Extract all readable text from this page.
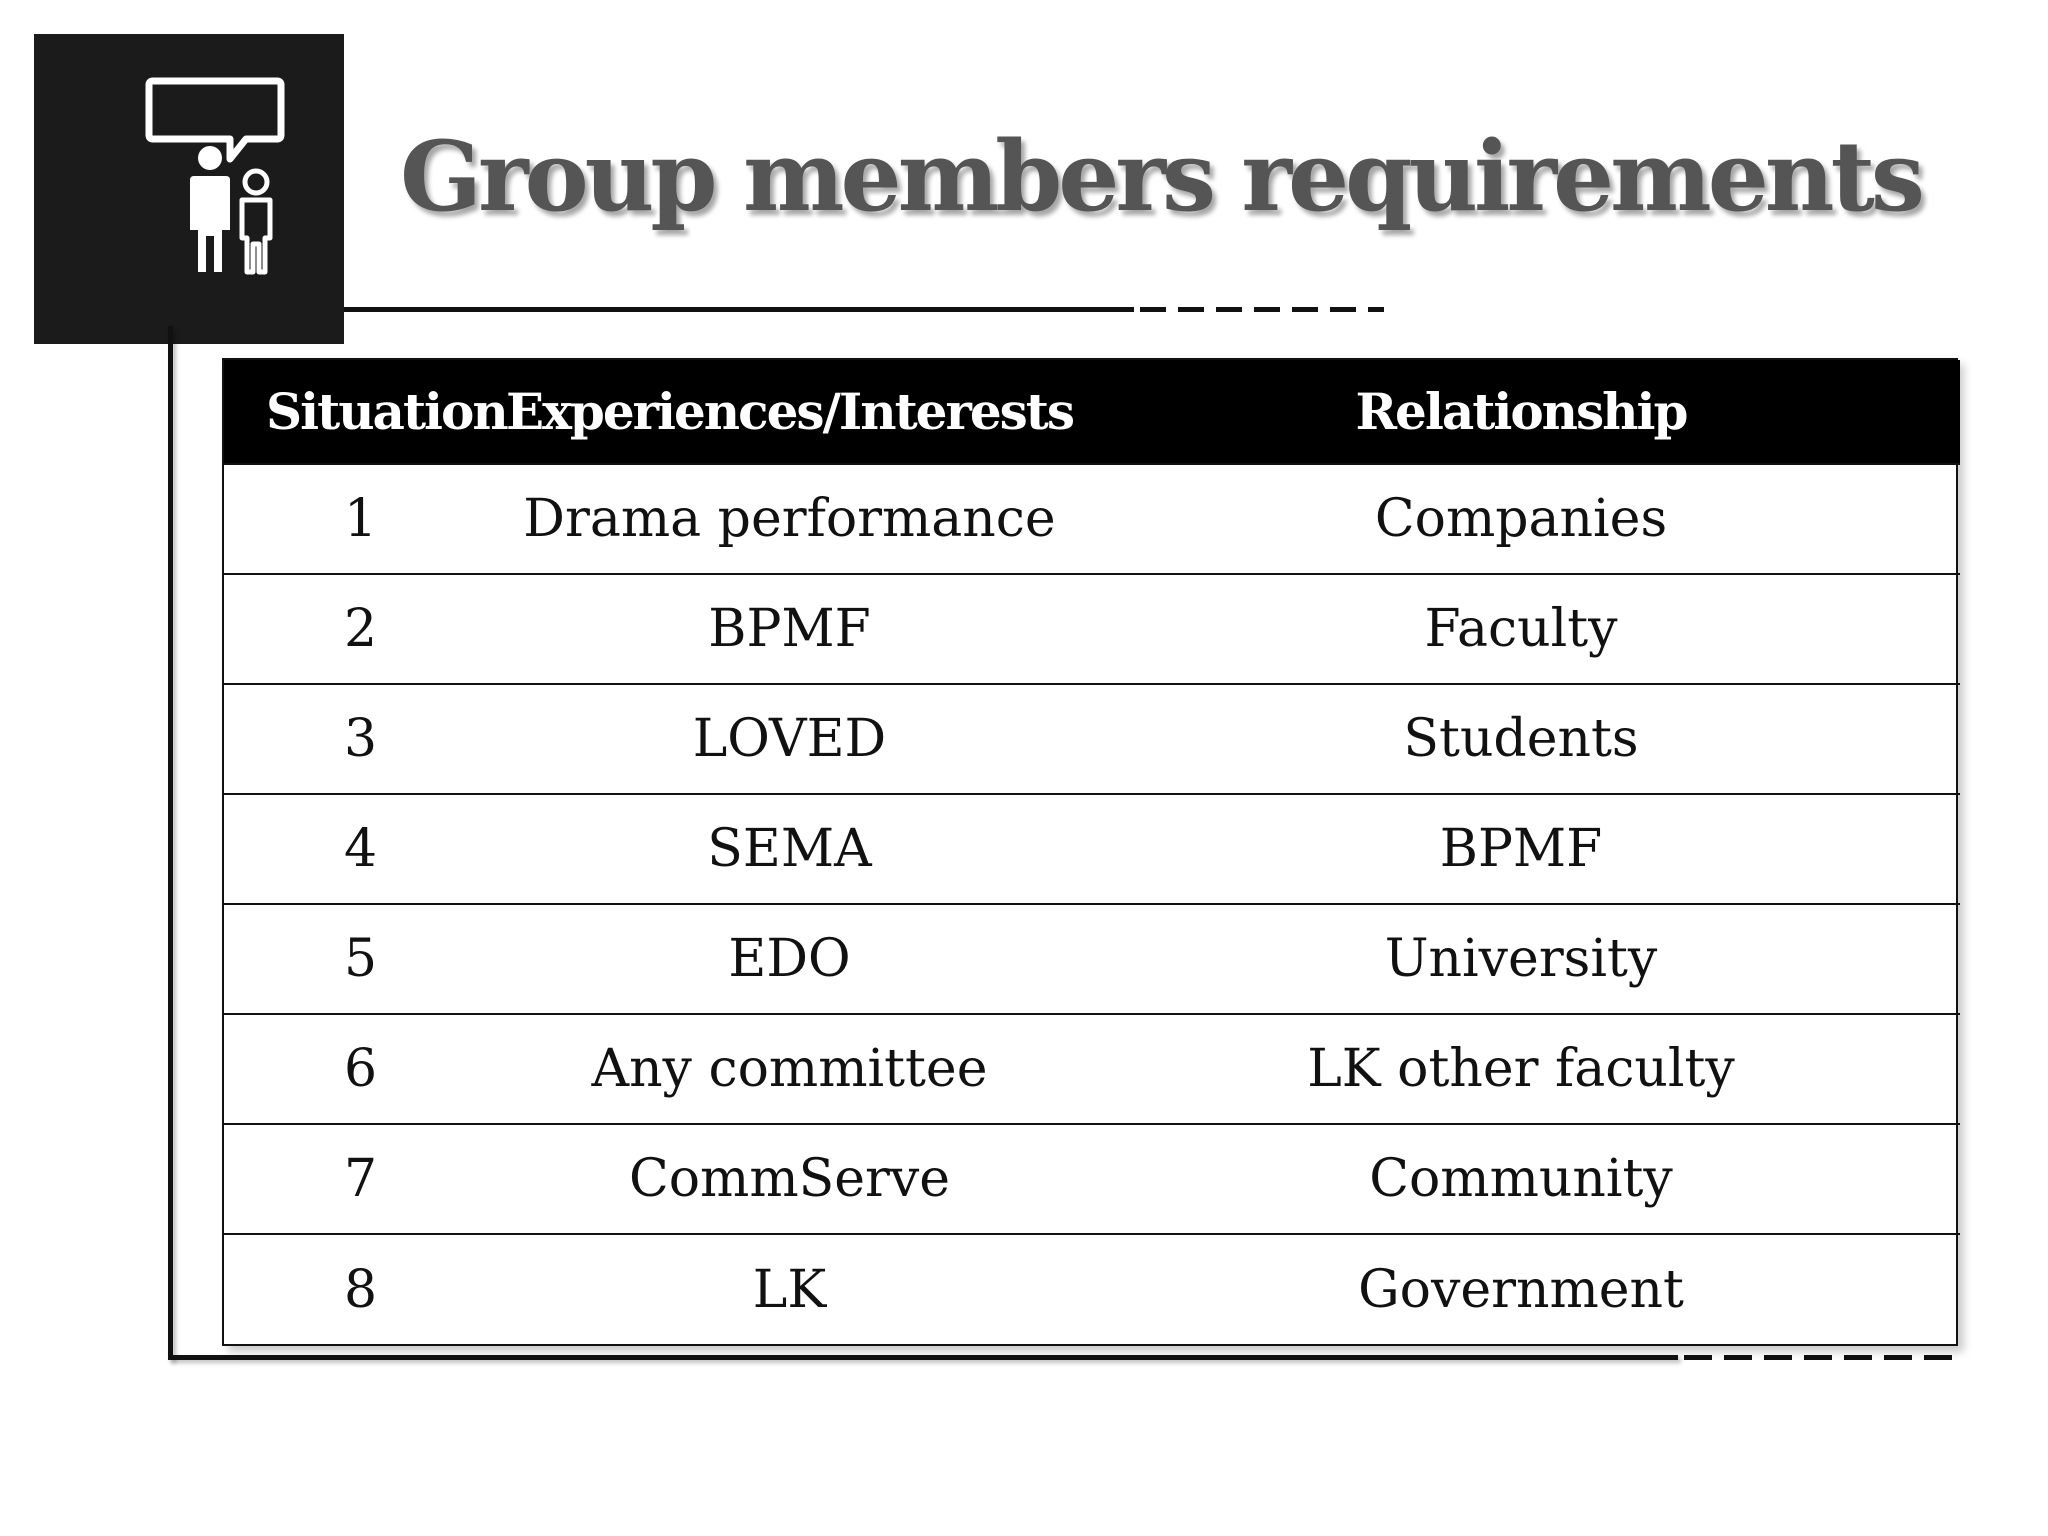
Group members requirements
Situation	Experiences/Interests	Relationship
1	Drama performance	Companies
2	BPMF	Faculty
3	LOVED	Students
4	SEMA	BPMF
5	EDO	University
6	Any committee	LK other faculty
7	CommServe	Community
8	LK	Government
